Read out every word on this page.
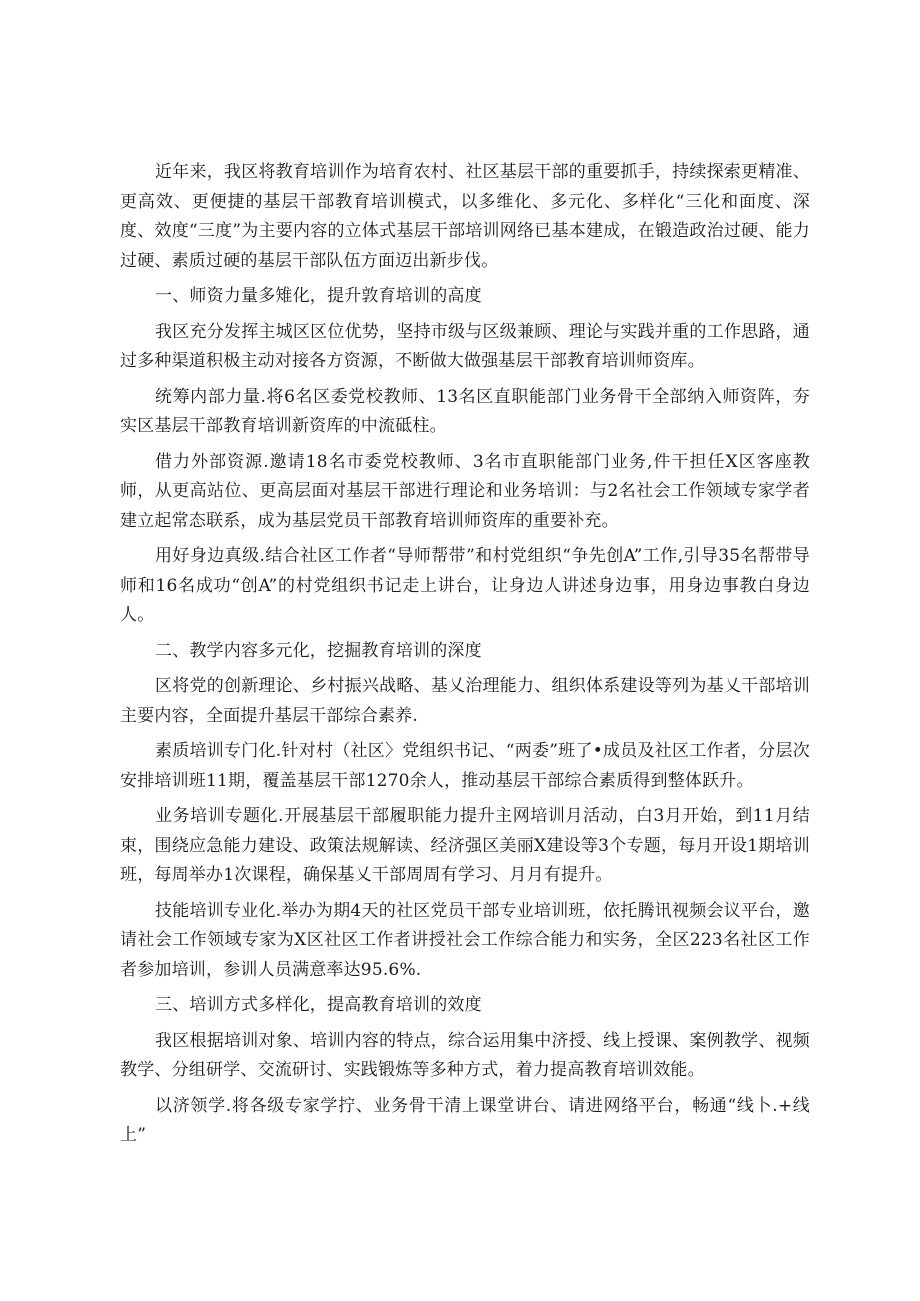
近年来，我区将教育培训作为培育农村、社区基层干部的重要抓手，持续探索更精准、更高效、更便捷的基层干部教育培训模式，以多维化、多元化、多样化“三化和面度、深度、效度“三度”为主要内容的立体式基层干部培训网络已基本建成，在锻造政治过硬、能力过硬、素质过硬的基层干部队伍方面迈出新步伐。

一、师资力量多雉化，提升敦育培训的高度

我区充分发挥主城区区位优势，坚持市级与区级兼顾、理论与实践并重的工作思路，通过多种渠道积极主动对接各方资源，不断做大做强基层干部教育培训师资库。

统筹内部力量.将6名区委党校教师、13名区直职能部门业务骨干全部纳入师资阵，夯实区基层干部教育培训新资库的中流砥柱。

借力外部资源.邀请18名市委党校教师、3名市直职能部门业务,件干担任X区客座教师，从更高站位、更高层面对基层干部进行理论和业务培训：与2名社会工作领域专家学者建立起常态联系，成为基层党员干部教育培训师资库的重要补充。

用好身边真级.结合社区工作者“导师帮带”和村党组织“争先创A”工作,引导35名帮带导师和16名成功“创A”的村党组织书记走上讲台，让身边人讲述身边事，用身边事教白身边人。

二、教学内容多元化，挖掘教育培训的深度

区将党的创新理论、乡村振兴战略、基乂治理能力、组织体系建设等列为基乂干部培训主要内容，全面提升基层干部综合素养.

素质培训专门化.针对村（社区〉党组织书记、“两委”班了•成员及社区工作者，分层次安排培训班11期，覆盖基层干部1270余人，推动基层干部综合素质得到整体跃升。

业务培训专题化.开展基层干部履职能力提升主网培训月活动，白3月开始，到11月结束，围绕应急能力建设、政策法规解读、经济强区美丽X建设等3个专题，每月开设1期培训班，每周举办1次课程，确保基乂干部周周有学习、月月有提升。

技能培训专业化.举办为期4天的社区党员干部专业培训班，依托腾讯视频会议平台，邀请社会工作领域专家为X区社区工作者讲授社会工作综合能力和实务，全区223名社区工作者参加培训，参训人员满意率达95.6%.

三、培训方式多样化，提高教育培训的效度

我区根据培训对象、培训内容的特点，综合运用集中济授、线上授课、案例教学、视频教学、分组研学、交流研讨、实践锻炼等多种方式，着力提高教育培训效能。

以济领学.将各级专家学拧、业务骨干清上课堂讲台、请进网络平台，畅通“线卜.+线上”
